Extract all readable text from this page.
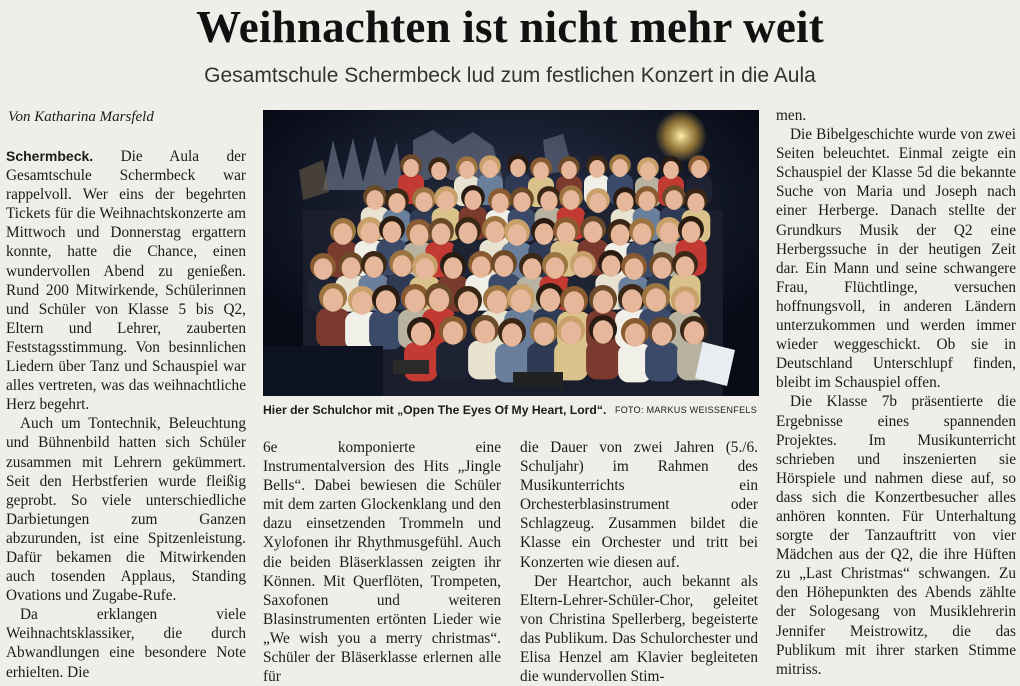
Weihnachten ist nicht mehr weit
Gesamtschule Schermbeck lud zum festlichen Konzert in die Aula
Von Katharina Marsfeld

Schermbeck. Die Aula der Gesamtschule Schermbeck war rappelvoll. Wer eins der begehrten Tickets für die Weihnachtskonzerte am Mittwoch und Donnerstag ergattern konnte, hatte die Chance, einen wundervollen Abend zu genießen. Rund 200 Mitwirkende, Schülerinnen und Schüler von Klasse 5 bis Q2, Eltern und Lehrer, zauberten Feststagsstimmung. Von besinnlichen Liedern über Tanz und Schauspiel war alles vertreten, was das weihnachtliche Herz begehrt.

Auch um Tontechnik, Beleuchtung und Bühnenbild hatten sich Schüler zusammen mit Lehrern gekümmert. Seit den Herbstferien wurde fleißig geprobt. So viele unterschiedliche Darbietungen zum Ganzen abzurunden, ist eine Spitzenleistung. Dafür bekamen die Mitwirkenden auch tosenden Applaus, Standing Ovations und Zugabe-Rufe.

Da erklangen viele Weihnachtsklassiker, die durch Abwandlungen eine besondere Note erhielten. Die

Hier der Schulchor mit „Open The Eyes Of My Heart, Lord“. FOTO: MARKUS WEISSENFELS

6e komponierte eine Instrumentalversion des Hits „Jingle Bells“. Dabei bewiesen die Schüler mit dem zarten Glockenklang und den dazu einsetzenden Trommeln und Xylofonen ihr Rhythmusgefühl. Auch die beiden Bläserklassen zeigten ihr Können. Mit Querflöten, Trompeten, Saxofonen und weiteren Blasinstrumenten ertönten Lieder wie „We wish you a merry christmas“. Schüler der Bläserklasse erlernen alle für

die Dauer von zwei Jahren (5./6. Schuljahr) im Rahmen des Musikunterrichts ein Orchesterblasinstrument oder Schlagzeug. Zusammen bildet die Klasse ein Orchester und tritt bei Konzerten wie diesen auf.

Der Heartchor, auch bekannt als Eltern-Lehrer-Schüler-Chor, geleitet von Christina Spellerberg, begeisterte das Publikum. Das Schulorchester und Elisa Henzel am Klavier begleiteten die wundervollen Stim-

men.

Die Bibelgeschichte wurde von zwei Seiten beleuchtet. Einmal zeigte ein Schauspiel der Klasse 5d die bekannte Suche von Maria und Joseph nach einer Herberge. Danach stellte der Grundkurs Musik der Q2 eine Herbergssuche in der heutigen Zeit dar. Ein Mann und seine schwangere Frau, Flüchtlinge, versuchen hoffnungsvoll, in anderen Ländern unterzukommen und werden immer wieder weggeschickt. Ob sie in Deutschland Unterschlupf finden, bleibt im Schauspiel offen.

Die Klasse 7b präsentierte die Ergebnisse eines spannenden Projektes. Im Musikunterricht schrieben und inszenierten sie Hörspiele und nahmen diese auf, so dass sich die Konzertbesucher alles anhören konnten. Für Unterhaltung sorgte der Tanzauftritt von vier Mädchen aus der Q2, die ihre Hüften zu „Last Christmas“ schwangen. Zu den Höhepunkten des Abends zählte der Sologesang von Musiklehrerin Jennifer Meistrowitz, die das Publikum mit ihrer starken Stimme mitriss.
